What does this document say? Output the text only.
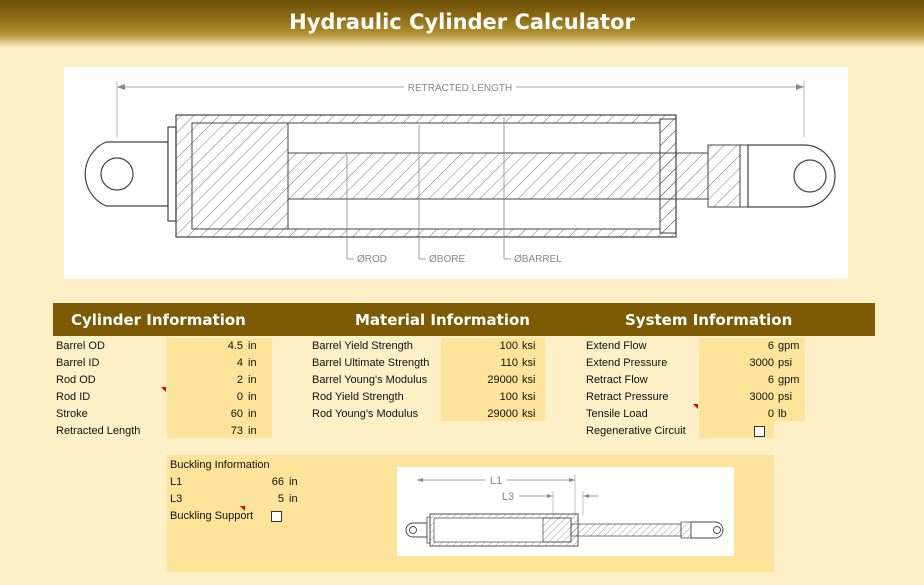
Hydraulic Cylinder Calculator
RETRACTED LENGTH
ØROD	ØBORE	ØBARREL
Cylinder Information	Material Information	System Information
Barrel OD	4.5 in
Barrel ID	4 in
Rod OD	2 in
Rod ID	0 in
Stroke	60 in
Retracted Length	73 in
Barrel Yield Strength	100 ksi
Barrel Ultimate Strength	110 ksi
Barrel Young's Modulus	29000 ksi
Rod Yield Strength	100 ksi
Rod Young's Modulus	29000 ksi
Extend Flow	6 gpm
Extend Pressure	3000 psi
Retract Flow	6 gpm
Retract Pressure	3000 psi
Tensile Load	0 lb
Regenerative Circuit
Buckling Information
L1	66 in
L3	5 in
Buckling Support
L1
L3
